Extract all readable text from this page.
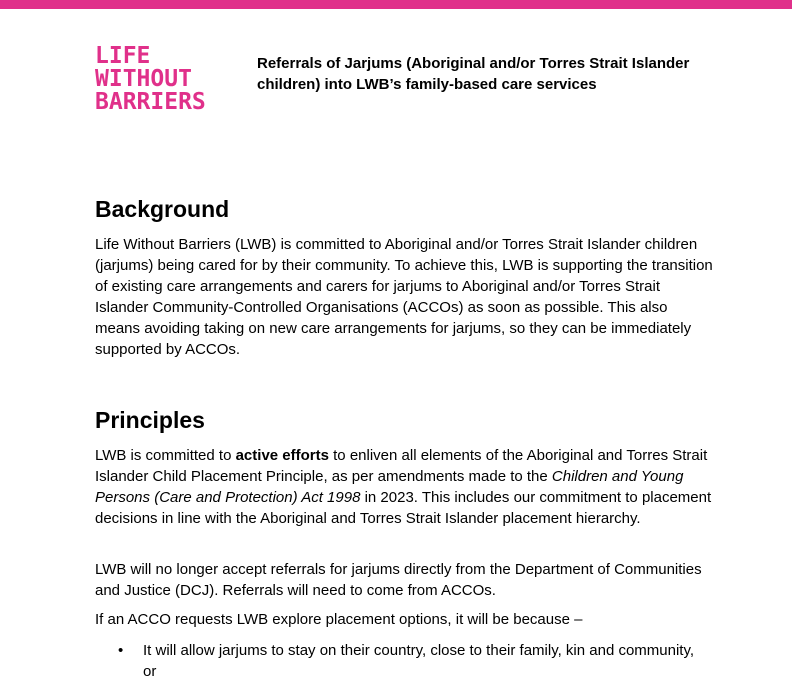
LIFE
WITHOUT
BARRIERS
Referrals of Jarjums (Aboriginal and/or Torres Strait Islander
children) into LWB’s family-based care services
Background

Life Without Barriers (LWB) is committed to Aboriginal and/or Torres Strait Islander children (jarjums) being cared for by their community. To achieve this, LWB is supporting the transition of existing care arrangements and carers for jarjums to Aboriginal and/or Torres Strait Islander Community-Controlled Organisations (ACCOs) as soon as possible. This also means avoiding taking on new care arrangements for jarjums, so they can be immediately supported by ACCOs.

Principles

LWB is committed to active efforts to enliven all elements of the Aboriginal and Torres Strait Islander Child Placement Principle, as per amendments made to the Children and Young Persons (Care and Protection) Act 1998 in 2023. This includes our commitment to placement decisions in line with the Aboriginal and Torres Strait Islander placement hierarchy.

LWB will no longer accept referrals for jarjums directly from the Department of Communities and Justice (DCJ). Referrals will need to come from ACCOs.

If an ACCO requests LWB explore placement options, it will be because –

• It will allow jarjums to stay on their country, close to their family, kin and community, or
